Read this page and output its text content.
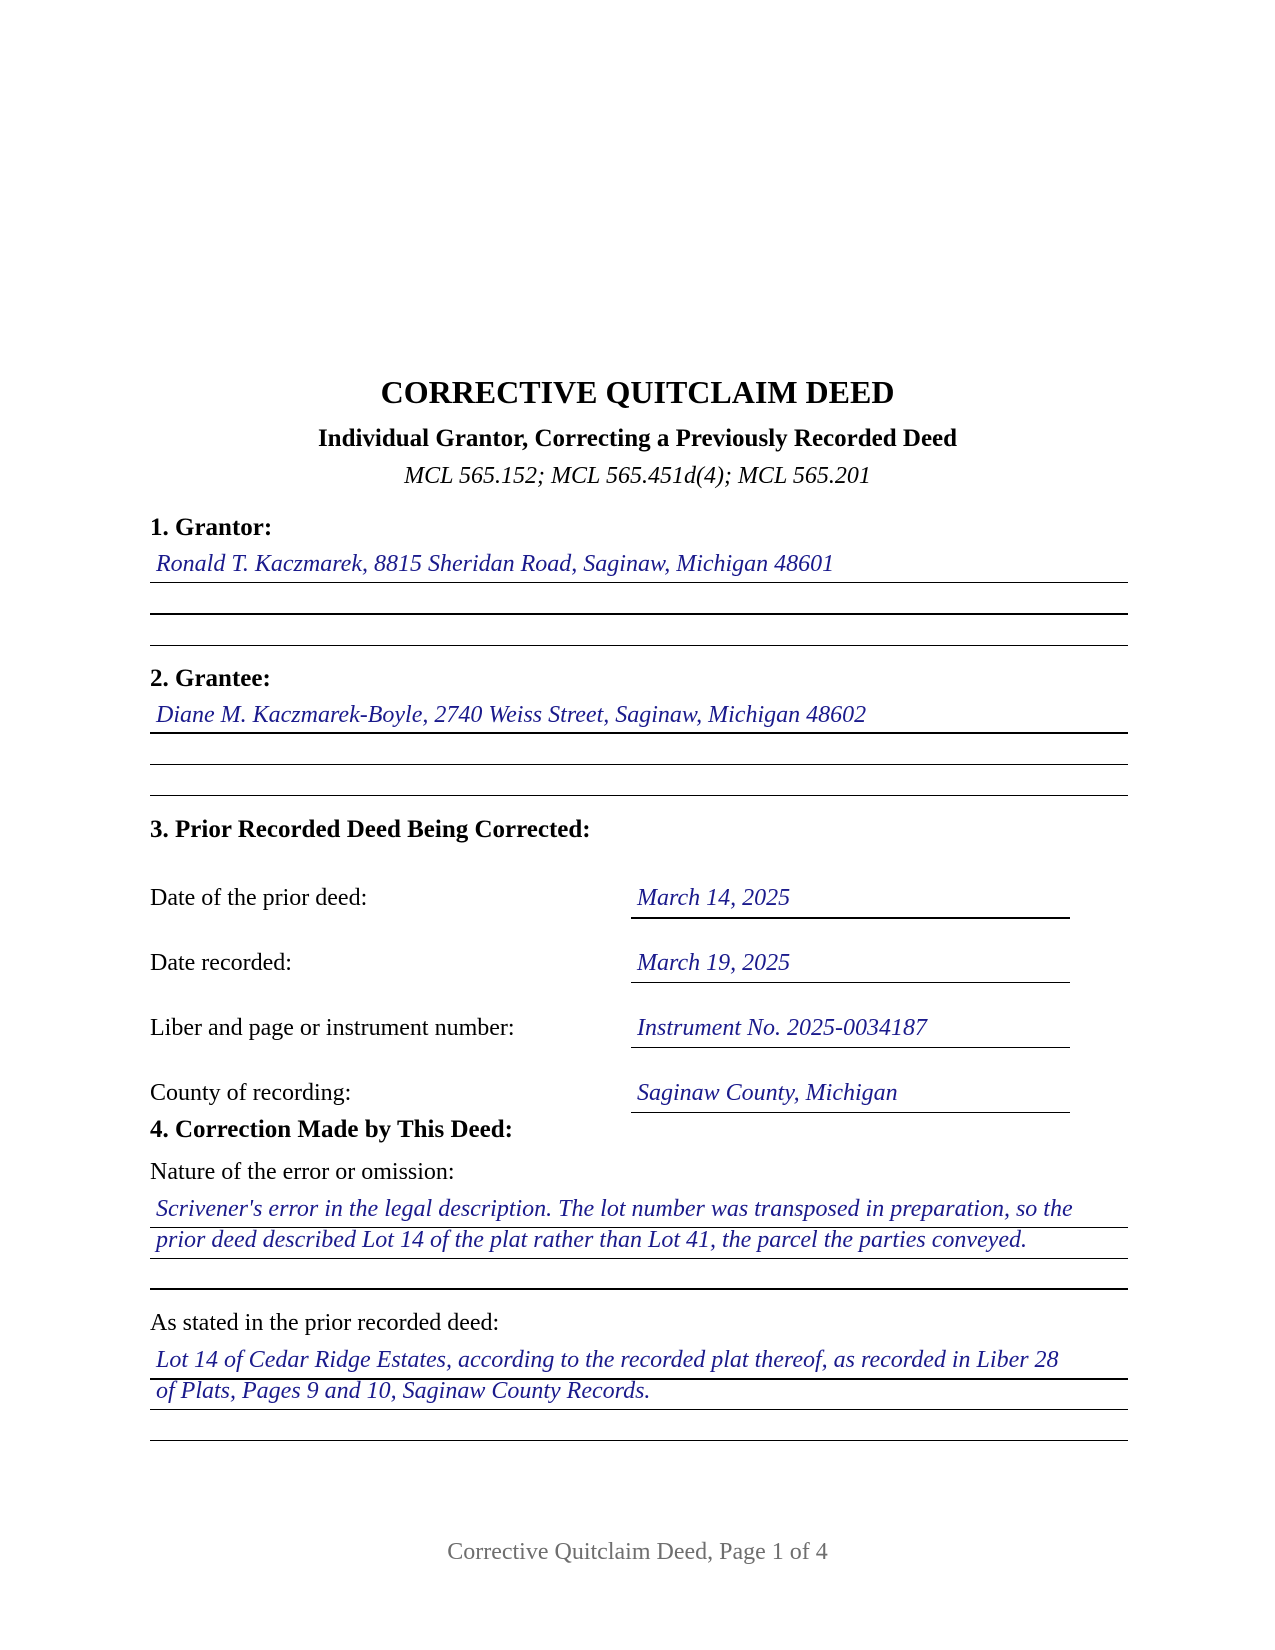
CORRECTIVE QUITCLAIM DEED
Individual Grantor, Correcting a Previously Recorded Deed
MCL 565.152; MCL 565.451d(4); MCL 565.201
1. Grantor:
Ronald T. Kaczmarek, 8815 Sheridan Road, Saginaw, Michigan 48601
2. Grantee:
Diane M. Kaczmarek-Boyle, 2740 Weiss Street, Saginaw, Michigan 48602
3. Prior Recorded Deed Being Corrected:
Date of the prior deed:	March 14, 2025
Date recorded:	March 19, 2025
Liber and page or instrument number:	Instrument No. 2025-0034187
County of recording:	Saginaw County, Michigan
4. Correction Made by This Deed:
Nature of the error or omission:
Scrivener's error in the legal description. The lot number was transposed in preparation, so the
prior deed described Lot 14 of the plat rather than Lot 41, the parcel the parties conveyed.
As stated in the prior recorded deed:
Lot 14 of Cedar Ridge Estates, according to the recorded plat thereof, as recorded in Liber 28
of Plats, Pages 9 and 10, Saginaw County Records.
Corrective Quitclaim Deed, Page 1 of 4
